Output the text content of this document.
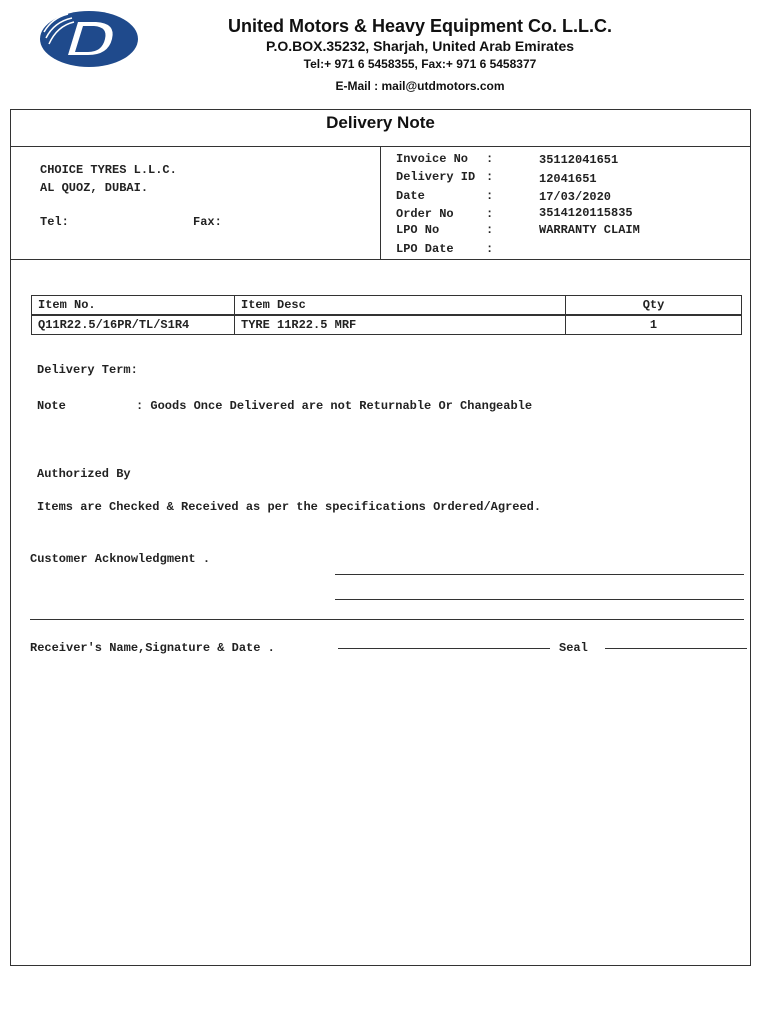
United Motors & Heavy Equipment Co. L.L.C.
P.O.BOX.35232, Sharjah, United Arab Emirates
Tel:+ 971 6 5458355, Fax:+ 971 6 5458377
E-Mail : mail@utdmotors.com
Delivery Note
CHOICE TYRES L.L.C.
AL QUOZ, DUBAI.
Tel:	Fax:
Invoice No :	35112041651
Delivery ID :	12041651
Date	:	17/03/2020
Order No	:	3514120115835
LPO No	:	WARRANTY CLAIM
LPO Date	:
Item No.	Item Desc	Qty
Q11R22.5/16PR/TL/S1R4	TYRE 11R22.5 MRF	1
Delivery Term:
Note	: Goods Once Delivered are not Returnable Or Changeable
Authorized By
Items are Checked & Received as per the specifications Ordered/Agreed.
Customer Acknowledgment .
Receiver's Name,Signature & Date .	Seal
